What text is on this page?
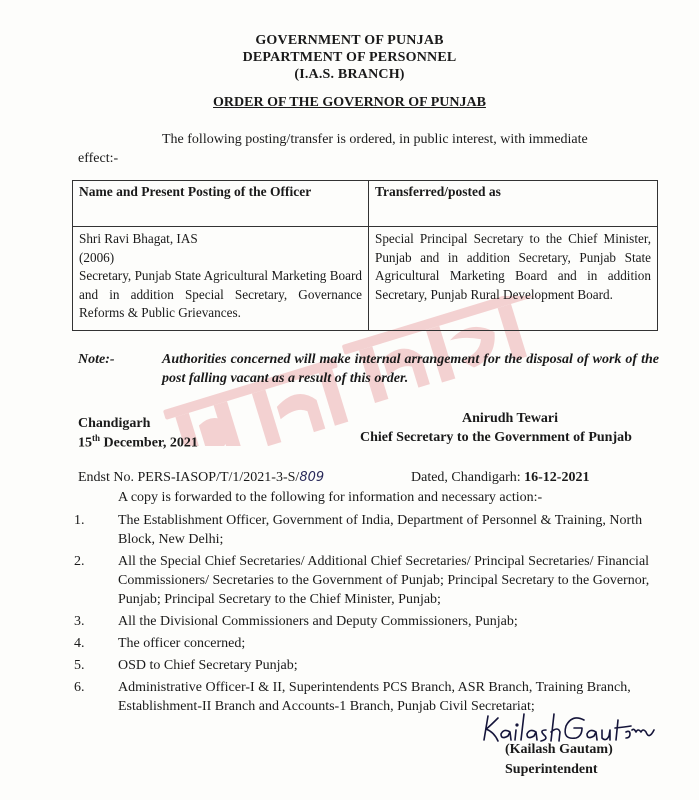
GOVERNMENT OF PUNJAB
DEPARTMENT OF PERSONNEL
(I.A.S. BRANCH)
ORDER OF THE GOVERNOR OF PUNJAB
The following posting/transfer is ordered, in public interest, with immediate
effect:-
Name and Present Posting of the Officer	Transferred/posted as

Shri Ravi Bhagat, IAS
(2006)
Secretary, Punjab State Agricultural Marketing Board and in addition Special Secretary, Governance Reforms & Public Grievances.	Special Principal Secretary to the Chief Minister, Punjab and in addition Secretary, Punjab State Agricultural Marketing Board and in addition Secretary, Punjab Rural Development Board.
Note:-	Authorities concerned will make internal arrangement for the disposal of work of the post falling vacant as a result of this order.
Chandigarh
15th December, 2021
Anirudh Tewari
Chief Secretary to the Government of Punjab
Endst No. PERS-IASOP/T/1/2021-3-S/809	Dated, Chandigarh: 16-12-2021
A copy is forwarded to the following for information and necessary action:-
1. The Establishment Officer, Government of India, Department of Personnel & Training, North Block, New Delhi;
2. All the Special Chief Secretaries/ Additional Chief Secretaries/ Principal Secretaries/ Financial Commissioners/ Secretaries to the Government of Punjab; Principal Secretary to the Governor, Punjab; Principal Secretary to the Chief Minister, Punjab;
3. All the Divisional Commissioners and Deputy Commissioners, Punjab;
4. The officer concerned;
5. OSD to Chief Secretary Punjab;
6. Administrative Officer-I & II, Superintendents PCS Branch, ASR Branch, Training Branch, Establishment-II Branch and Accounts-1 Branch, Punjab Civil Secretariat;
(Kailash Gautam)
Superintendent
